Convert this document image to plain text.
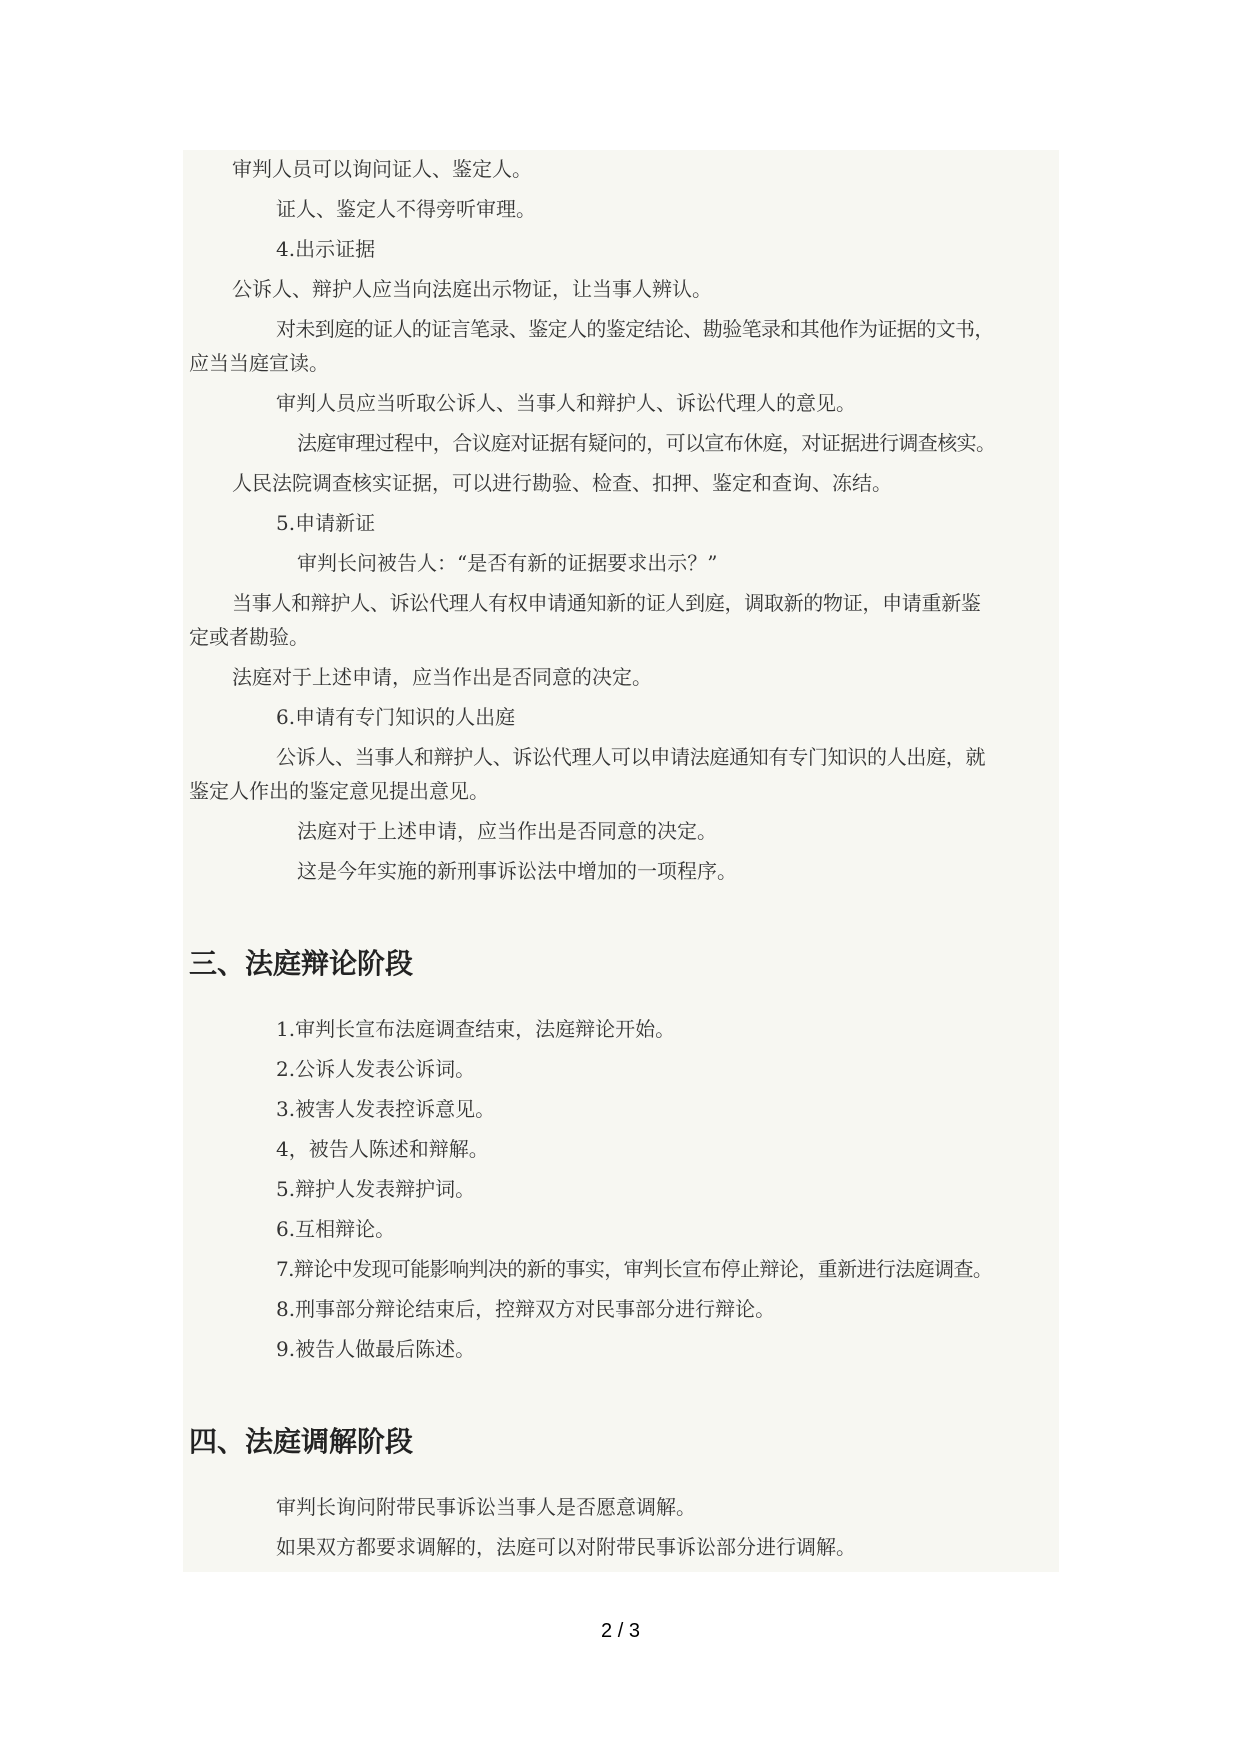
审判人员可以询问证人、鉴定人。
证人、鉴定人不得旁听审理。
4.出示证据
公诉人、辩护人应当向法庭出示物证，让当事人辨认。
对未到庭的证人的证言笔录、鉴定人的鉴定结论、勘验笔录和其他作为证据的文书，
应当当庭宣读。
审判人员应当听取公诉人、当事人和辩护人、诉讼代理人的意见。
法庭审理过程中，合议庭对证据有疑问的，可以宣布休庭，对证据进行调查核实。
人民法院调查核实证据，可以进行勘验、检查、扣押、鉴定和查询、冻结。
5.申请新证
审判长问被告人：“是否有新的证据要求出示？”
当事人和辩护人、诉讼代理人有权申请通知新的证人到庭，调取新的物证，申请重新鉴
定或者勘验。
法庭对于上述申请，应当作出是否同意的决定。
6.申请有专门知识的人出庭
公诉人、当事人和辩护人、诉讼代理人可以申请法庭通知有专门知识的人出庭，就
鉴定人作出的鉴定意见提出意见。
法庭对于上述申请，应当作出是否同意的决定。
这是今年实施的新刑事诉讼法中增加的一项程序。
三、法庭辩论阶段
1.审判长宣布法庭调查结束，法庭辩论开始。
2.公诉人发表公诉词。
3.被害人发表控诉意见。
4，被告人陈述和辩解。
5.辩护人发表辩护词。
6.互相辩论。
7.辩论中发现可能影响判决的新的事实，审判长宣布停止辩论，重新进行法庭调查。
8.刑事部分辩论结束后，控辩双方对民事部分进行辩论。
9.被告人做最后陈述。
四、法庭调解阶段
审判长询问附带民事诉讼当事人是否愿意调解。
如果双方都要求调解的，法庭可以对附带民事诉讼部分进行调解。
2 / 3
